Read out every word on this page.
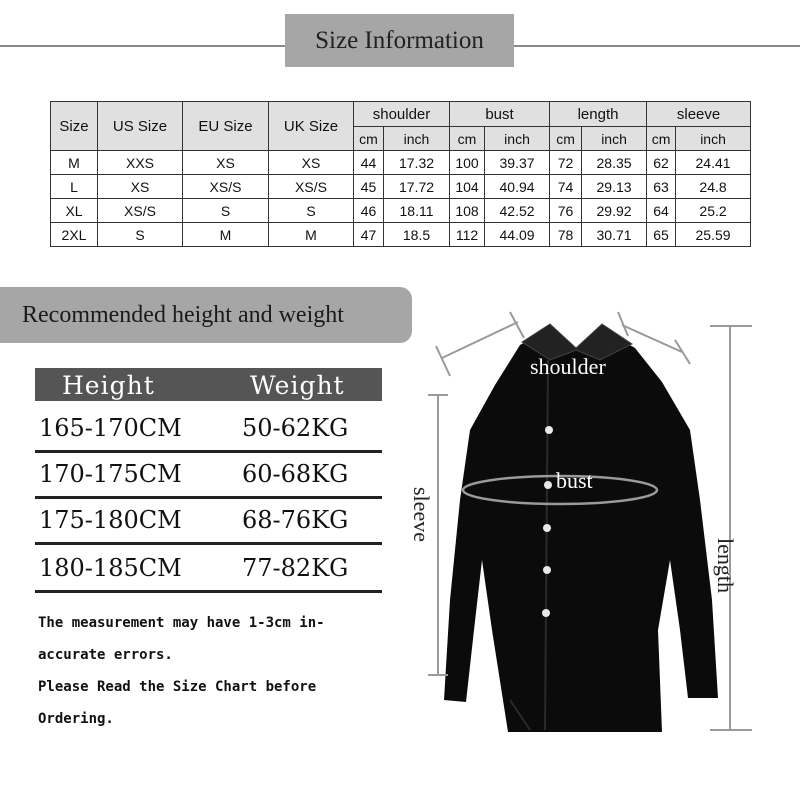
Size Information
Size	US Size	EU Size	UK Size	shoulder		bust		length		sleeve	
				cm	inch	cm	inch	cm	inch	cm	inch
M	XXS	XS	XS	44	17.32	100	39.37	72	28.35	62	24.41
L	XS	XS/S	XS/S	45	17.72	104	40.94	74	29.13	63	24.8
XL	XS/S	S	S	46	18.11	108	42.52	76	29.92	64	25.2
2XL	S	M	M	47	18.5	112	44.09	78	30.71	65	25.59
Recommended height and weight
Height	Weight
165-170CM	50-62KG
170-175CM	60-68KG
175-180CM	68-76KG
180-185CM	77-82KG
The measurement may have 1-3cm in-
accurate errors.
Please Read the Size Chart before
Ordering.
shoulder
bust
sleeve
length
